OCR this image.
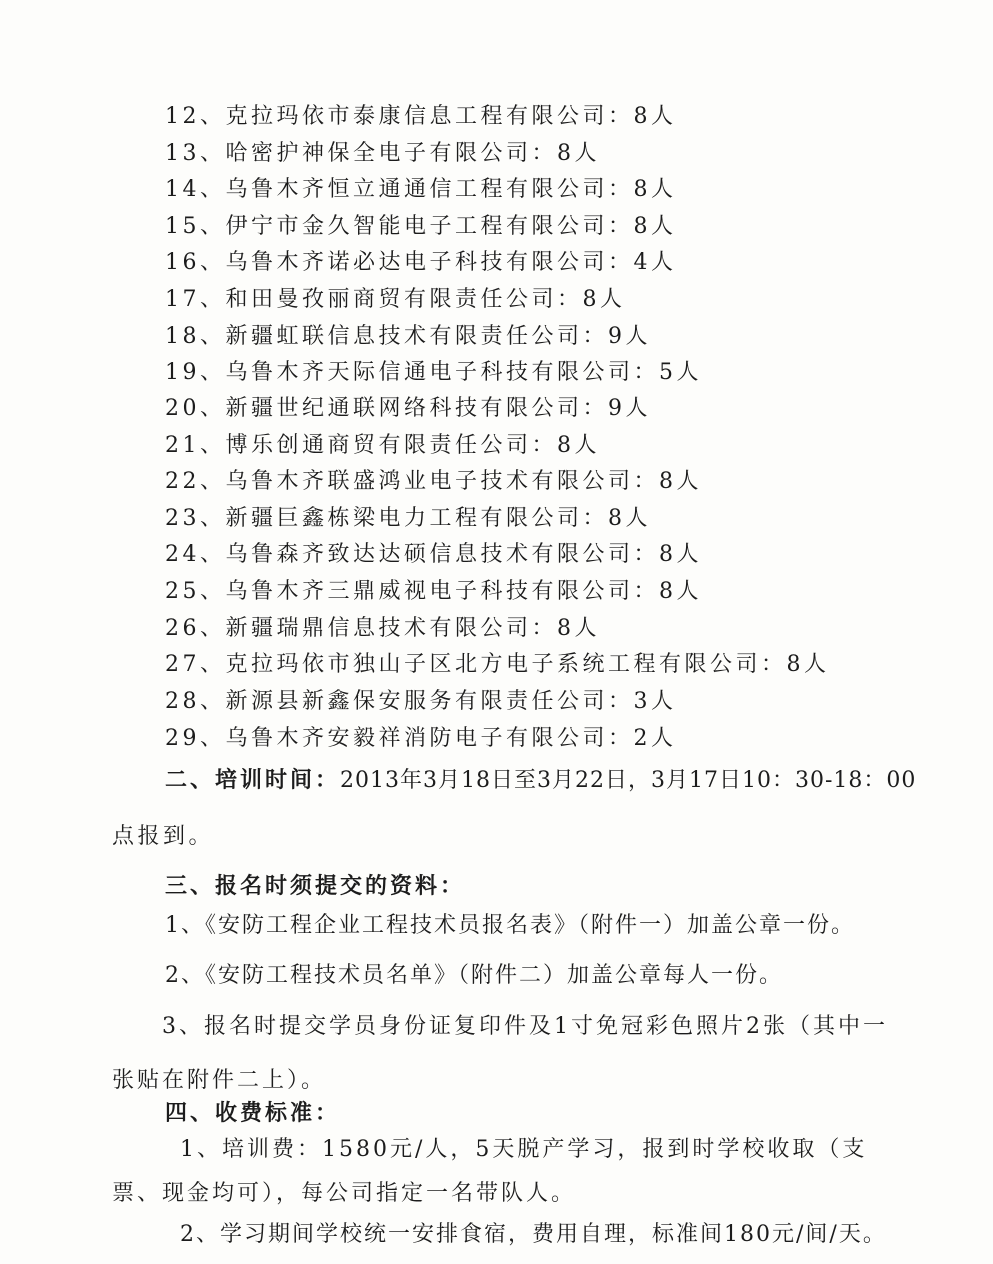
12、克拉玛依市泰康信息工程有限公司：8人
13、哈密护神保全电子有限公司：8人
14、乌鲁木齐恒立通通信工程有限公司：8人
15、伊宁市金久智能电子工程有限公司：8人
16、乌鲁木齐诺必达电子科技有限公司：4人
17、和田曼孜丽商贸有限责任公司：8人
18、新疆虹联信息技术有限责任公司：9人
19、乌鲁木齐天际信通电子科技有限公司：5人
20、新疆世纪通联网络科技有限公司：9人
21、博乐创通商贸有限责任公司：8人
22、乌鲁木齐联盛鸿业电子技术有限公司：8人
23、新疆巨鑫栋梁电力工程有限公司：8人
24、乌鲁森齐致达达硕信息技术有限公司：8人
25、乌鲁木齐三鼎威视电子科技有限公司：8人
26、新疆瑞鼎信息技术有限公司：8人
27、克拉玛依市独山子区北方电子系统工程有限公司：8人
28、新源县新鑫保安服务有限责任公司：3人
29、乌鲁木齐安毅祥消防电子有限公司：2人
二、培训时间：2013年3月18日至3月22日，3月17日10：30-18：00
点报到。
三、报名时须提交的资料：
1、《安防工程企业工程技术员报名表》（附件一）加盖公章一份。
2、《安防工程技术员名单》（附件二）加盖公章每人一份。

3、报名时提交学员身份证复印件及1寸免冠彩色照片2张（其中一张贴在附件二上）。

四、收费标准：

1、培训费：1580元/人，5天脱产学习，报到时学校收取（支票、现金均可），每公司指定一名带队人。

2、学习期间学校统一安排食宿，费用自理，标准间180元/间/天。
